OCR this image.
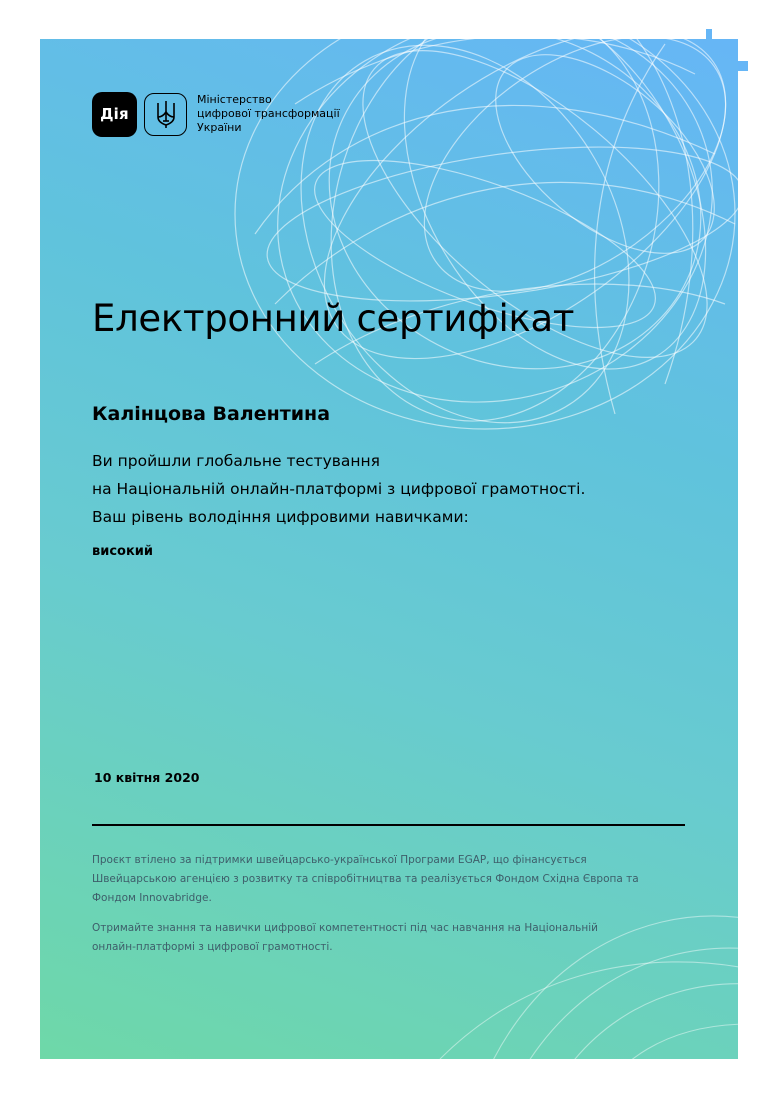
Дія
Міністерство
цифрової трансформації
України
Електронний сертифікат
Калінцова Валентина
Ви пройшли глобальне тестування
на Національній онлайн-платформі з цифрової грамотності.
Ваш рівень володіння цифровими навичками:
високий
10 квітня 2020
Проєкт втілено за підтримки швейцарсько-української Програми EGAP, що фінансується
Швейцарською агенцією з розвитку та співробітництва та реалізується Фондом Східна Європа та
Фондом Innovabridge.
Отримайте знання та навички цифрової компетентності під час навчання на Національній
онлайн-платформі з цифрової грамотності.
